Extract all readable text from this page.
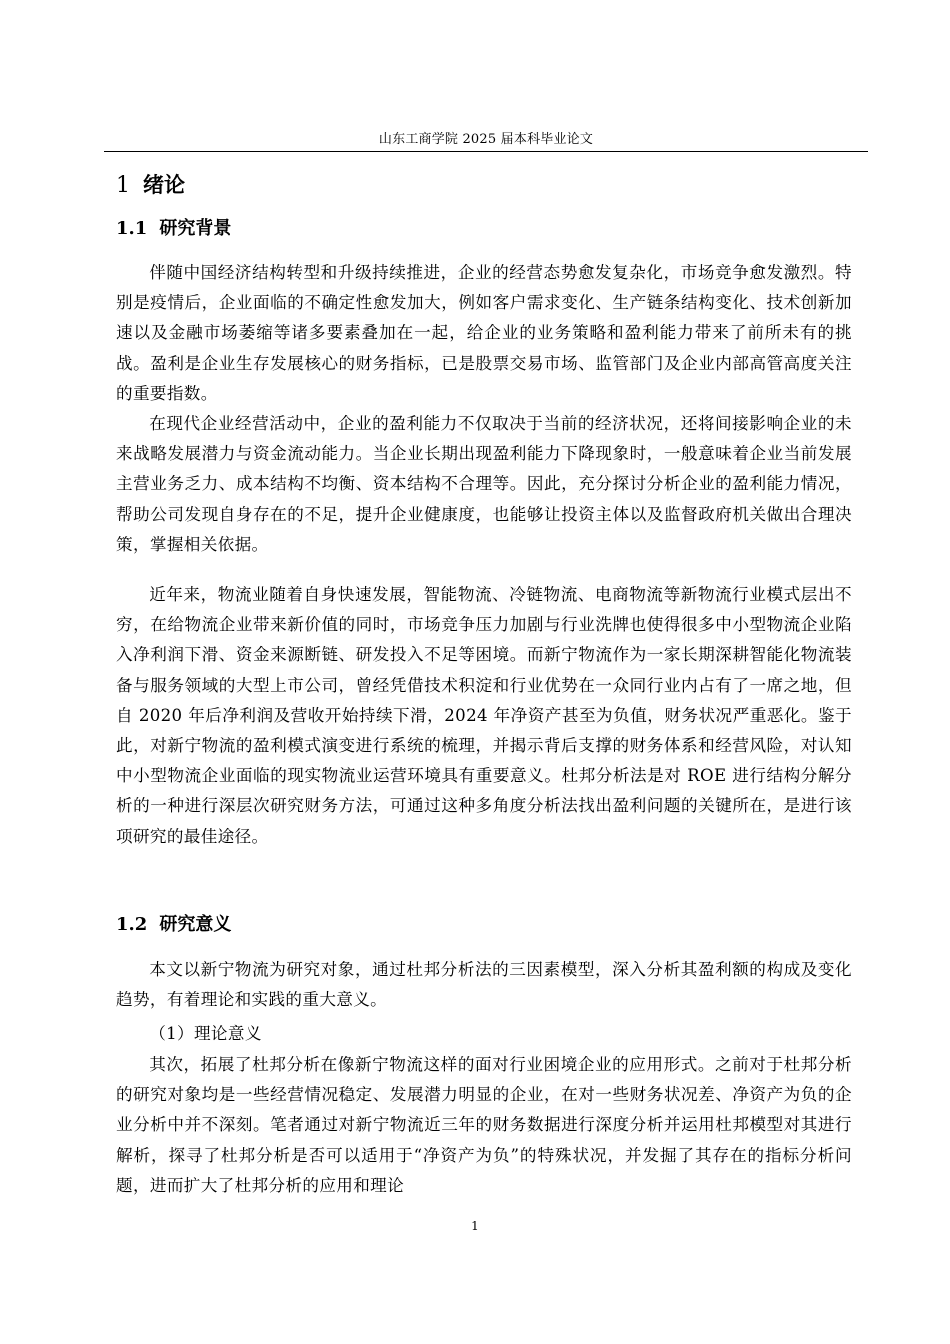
山东工商学院 2025 届本科毕业论文
1 绪论
1.1 研究背景

伴随中国经济结构转型和升级持续推进，企业的经营态势愈发复杂化，市场竞争愈发激烈。特别是疫情后，企业面临的不确定性愈发加大，例如客户需求变化、生产链条结构变化、技术创新加速以及金融市场萎缩等诸多要素叠加在一起，给企业的业务策略和盈利能力带来了前所未有的挑战。盈利是企业生存发展核心的财务指标，已是股票交易市场、监管部门及企业内部高管高度关注的重要指数。

在现代企业经营活动中，企业的盈利能力不仅取决于当前的经济状况，还将间接影响企业的未来战略发展潜力与资金流动能力。当企业长期出现盈利能力下降现象时，一般意味着企业当前发展主营业务乏力、成本结构不均衡、资本结构不合理等。因此，充分探讨分析企业的盈利能力情况，帮助公司发现自身存在的不足，提升企业健康度，也能够让投资主体以及监督政府机关做出合理决策，掌握相关依据。

近年来，物流业随着自身快速发展，智能物流、冷链物流、电商物流等新物流行业模式层出不穷，在给物流企业带来新价值的同时，市场竞争压力加剧与行业洗牌也使得很多中小型物流企业陷入净利润下滑、资金来源断链、研发投入不足等困境。而新宁物流作为一家长期深耕智能化物流装备与服务领域的大型上市公司，曾经凭借技术积淀和行业优势在一众同行业内占有了一席之地，但自 2020 年后净利润及营收开始持续下滑，2024 年净资产甚至为负值，财务状况严重恶化。鉴于此，对新宁物流的盈利模式演变进行系统的梳理，并揭示背后支撑的财务体系和经营风险，对认知中小型物流企业面临的现实物流业运营环境具有重要意义。杜邦分析法是对 ROE 进行结构分解分析的一种进行深层次研究财务方法，可通过这种多角度分析法找出盈利问题的关键所在，是进行该项研究的最佳途径。

1.2 研究意义

本文以新宁物流为研究对象，通过杜邦分析法的三因素模型，深入分析其盈利额的构成及变化趋势，有着理论和实践的重大意义。

（1）理论意义

其次，拓展了杜邦分析在像新宁物流这样的面对行业困境企业的应用形式。之前对于杜邦分析的研究对象均是一些经营情况稳定、发展潜力明显的企业，在对一些财务状况差、净资产为负的企业分析中并不深刻。笔者通过对新宁物流近三年的财务数据进行深度分析并运用杜邦模型对其进行解析，探寻了杜邦分析是否可以适用于“净资产为负”的特殊状况，并发掘了其存在的指标分析问题，进而扩大了杜邦分析的应用和理论

1
